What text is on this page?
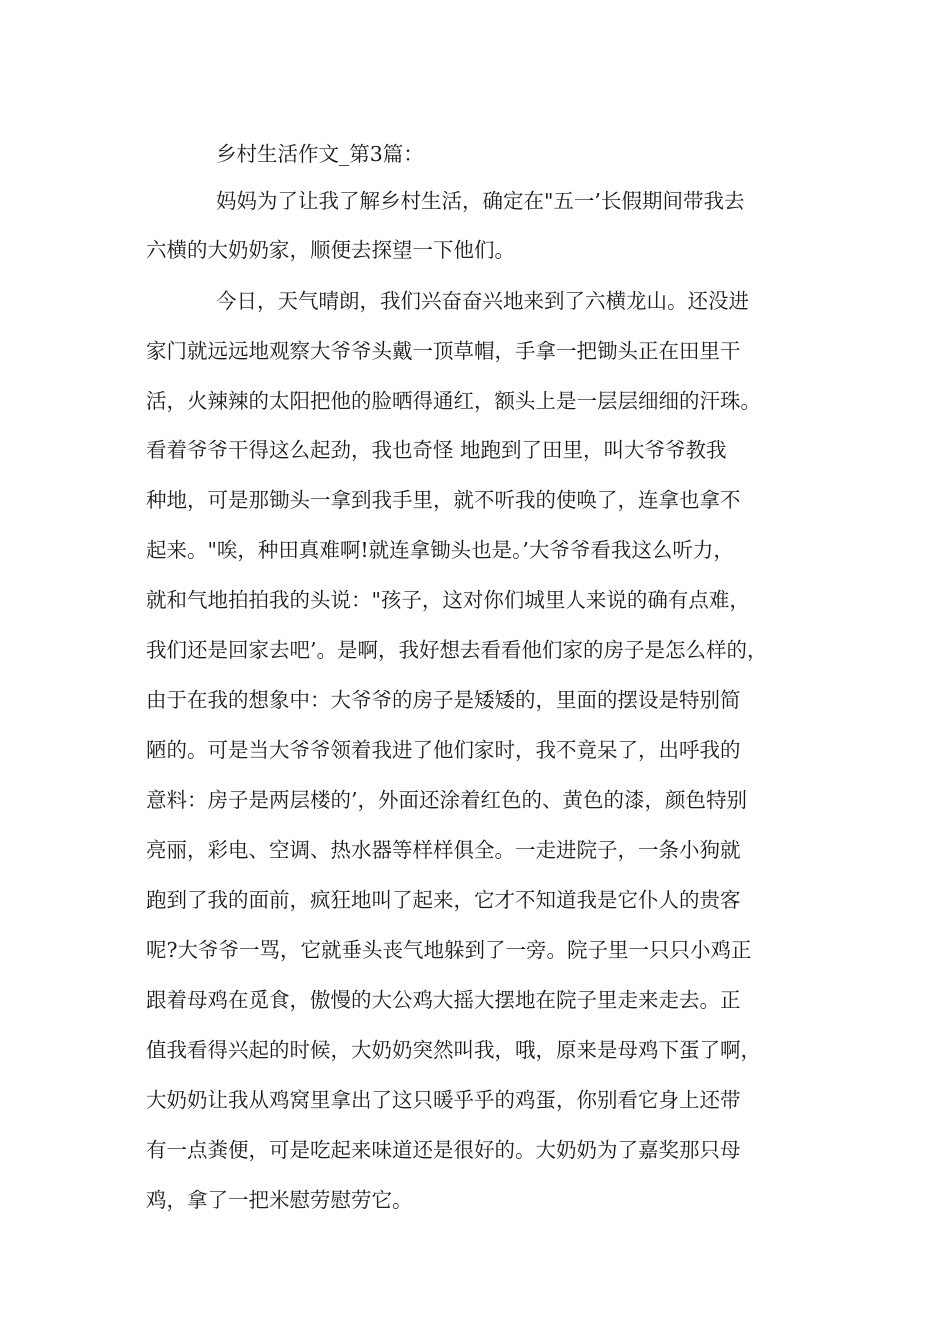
乡村生活作文_第3篇：
妈妈为了让我了解乡村生活，确定在"五一’长假期间带我去
六横的大奶奶家，顺便去探望一下他们。
今日，天气晴朗，我们兴奋奋兴地来到了六横龙山。还没进
家门就远远地观察大爷爷头戴一顶草帽，手拿一把锄头正在田里干
活，火辣辣的太阳把他的脸晒得通红，额头上是一层层细细的汗珠。
看着爷爷干得这么起劲，我也奇怪 地跑到了田里，叫大爷爷教我
种地，可是那锄头一拿到我手里，就不听我的使唤了，连拿也拿不
起来。"唉，种田真难啊!就连拿锄头也是。’大爷爷看我这么听力，
就和气地拍拍我的头说："孩子，这对你们城里人来说的确有点难，
我们还是回家去吧’。是啊，我好想去看看他们家的房子是怎么样的，
由于在我的想象中：大爷爷的房子是矮矮的，里面的摆设是特别简
陋的。可是当大爷爷领着我进了他们家时，我不竟呆了，出呼我的
意料：房子是两层楼的’，外面还涂着红色的、黄色的漆，颜色特别
亮丽，彩电、空调、热水器等样样俱全。一走进院子，一条小狗就
跑到了我的面前，疯狂地叫了起来，它才不知道我是它仆人的贵客
呢?大爷爷一骂，它就垂头丧气地躲到了一旁。院子里一只只小鸡正
跟着母鸡在觅食，傲慢的大公鸡大摇大摆地在院子里走来走去。正
值我看得兴起的时候，大奶奶突然叫我，哦，原来是母鸡下蛋了啊，
大奶奶让我从鸡窝里拿出了这只暖乎乎的鸡蛋，你别看它身上还带
有一点粪便，可是吃起来味道还是很好的。大奶奶为了嘉奖那只母
鸡，拿了一把米慰劳慰劳它。
